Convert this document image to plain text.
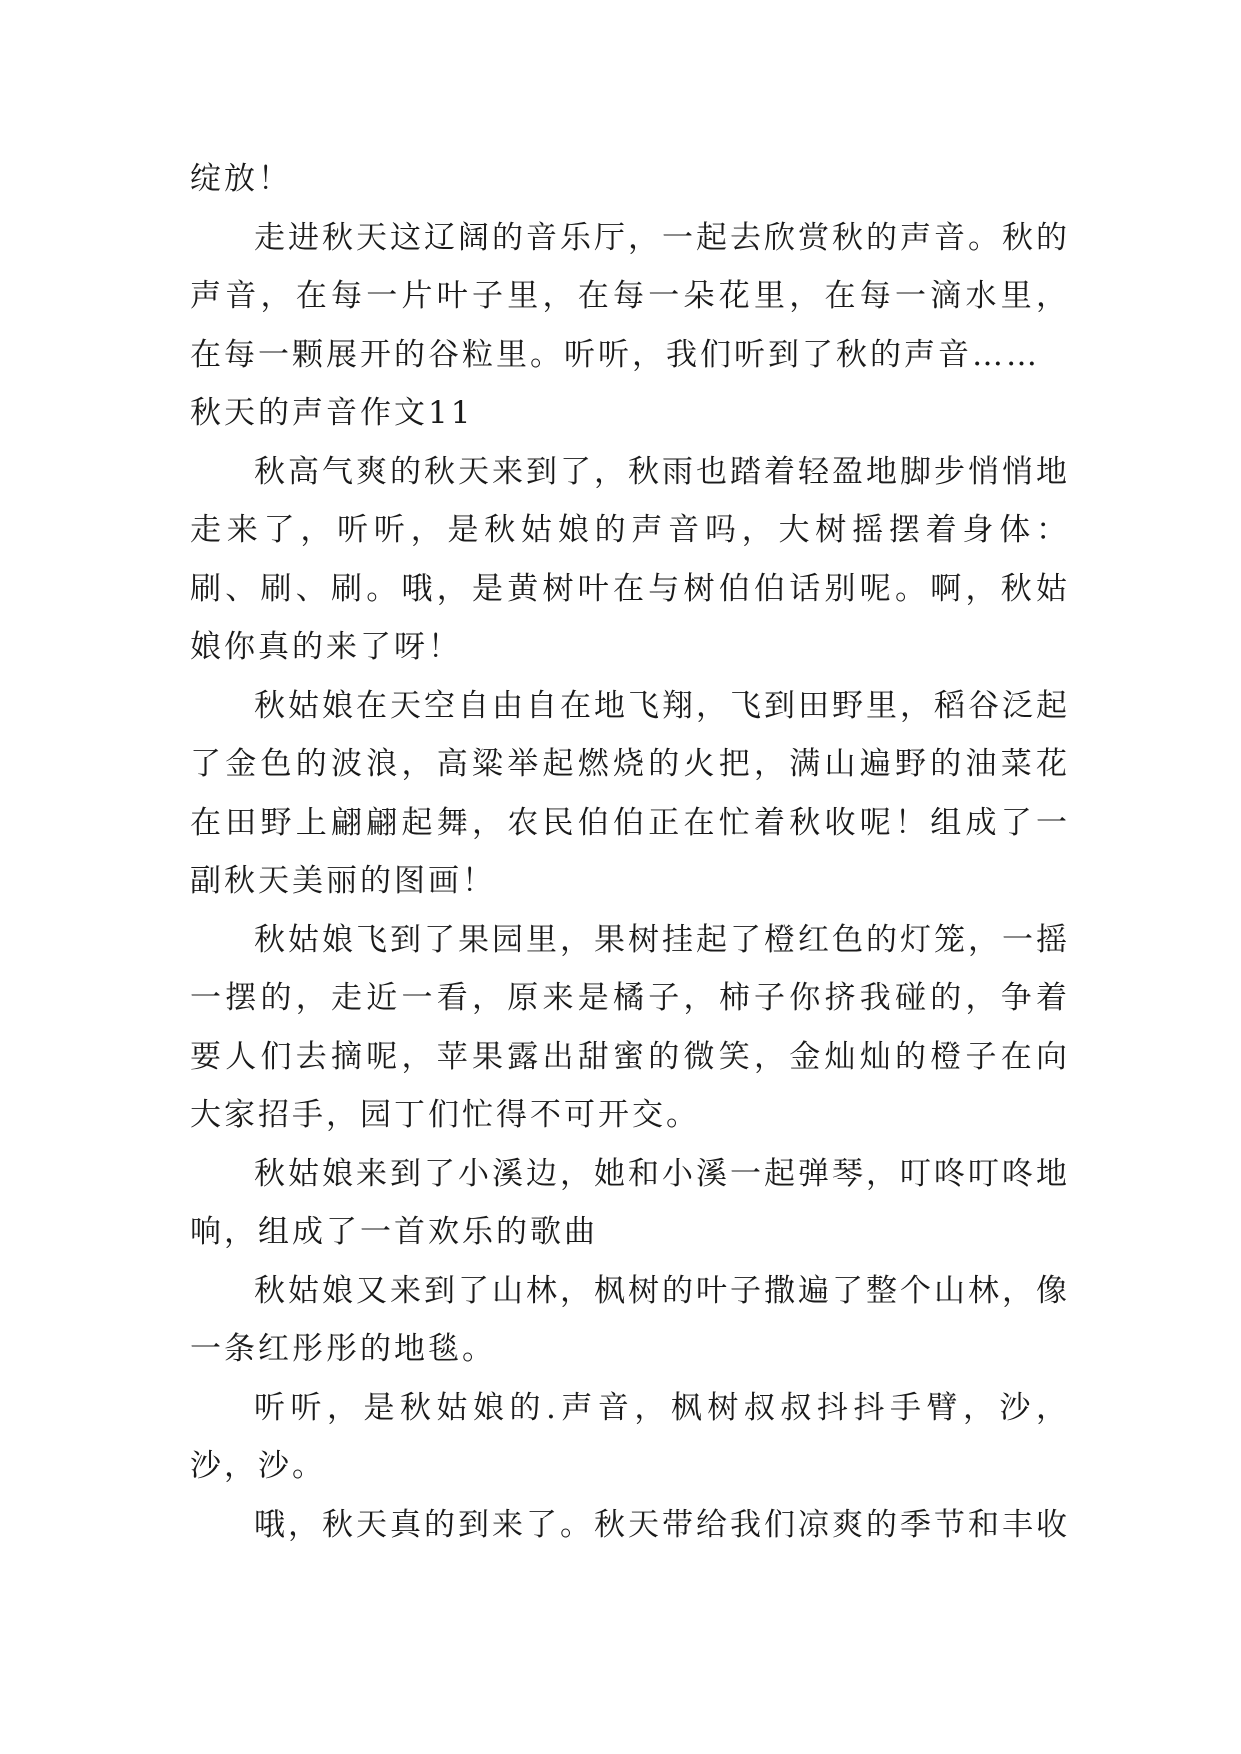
绽放！

走进秋天这辽阔的音乐厅，一起去欣赏秋的声音。秋的声音，在每一片叶子里，在每一朵花里，在每一滴水里，在每一颗展开的谷粒里。听听，我们听到了秋的声音……

秋天的声音作文11

秋高气爽的秋天来到了，秋雨也踏着轻盈地脚步悄悄地走来了，听听，是秋姑娘的声音吗，大树摇摆着身体：刷、刷、刷。哦，是黄树叶在与树伯伯话别呢。啊，秋姑娘你真的来了呀！

秋姑娘在天空自由自在地飞翔，飞到田野里，稻谷泛起了金色的波浪，高粱举起燃烧的火把，满山遍野的油菜花在田野上翩翩起舞，农民伯伯正在忙着秋收呢！组成了一副秋天美丽的图画！

秋姑娘飞到了果园里，果树挂起了橙红色的灯笼，一摇一摆的，走近一看，原来是橘子，柿子你挤我碰的，争着要人们去摘呢，苹果露出甜蜜的微笑，金灿灿的橙子在向大家招手，园丁们忙得不可开交。

秋姑娘来到了小溪边，她和小溪一起弹琴，叮咚叮咚地响，组成了一首欢乐的歌曲

秋姑娘又来到了山林，枫树的叶子撒遍了整个山林，像一条红彤彤的地毯。

听听，是秋姑娘的.声音，枫树叔叔抖抖手臂，沙，沙，沙。

哦，秋天真的到来了。秋天带给我们凉爽的季节和丰收
